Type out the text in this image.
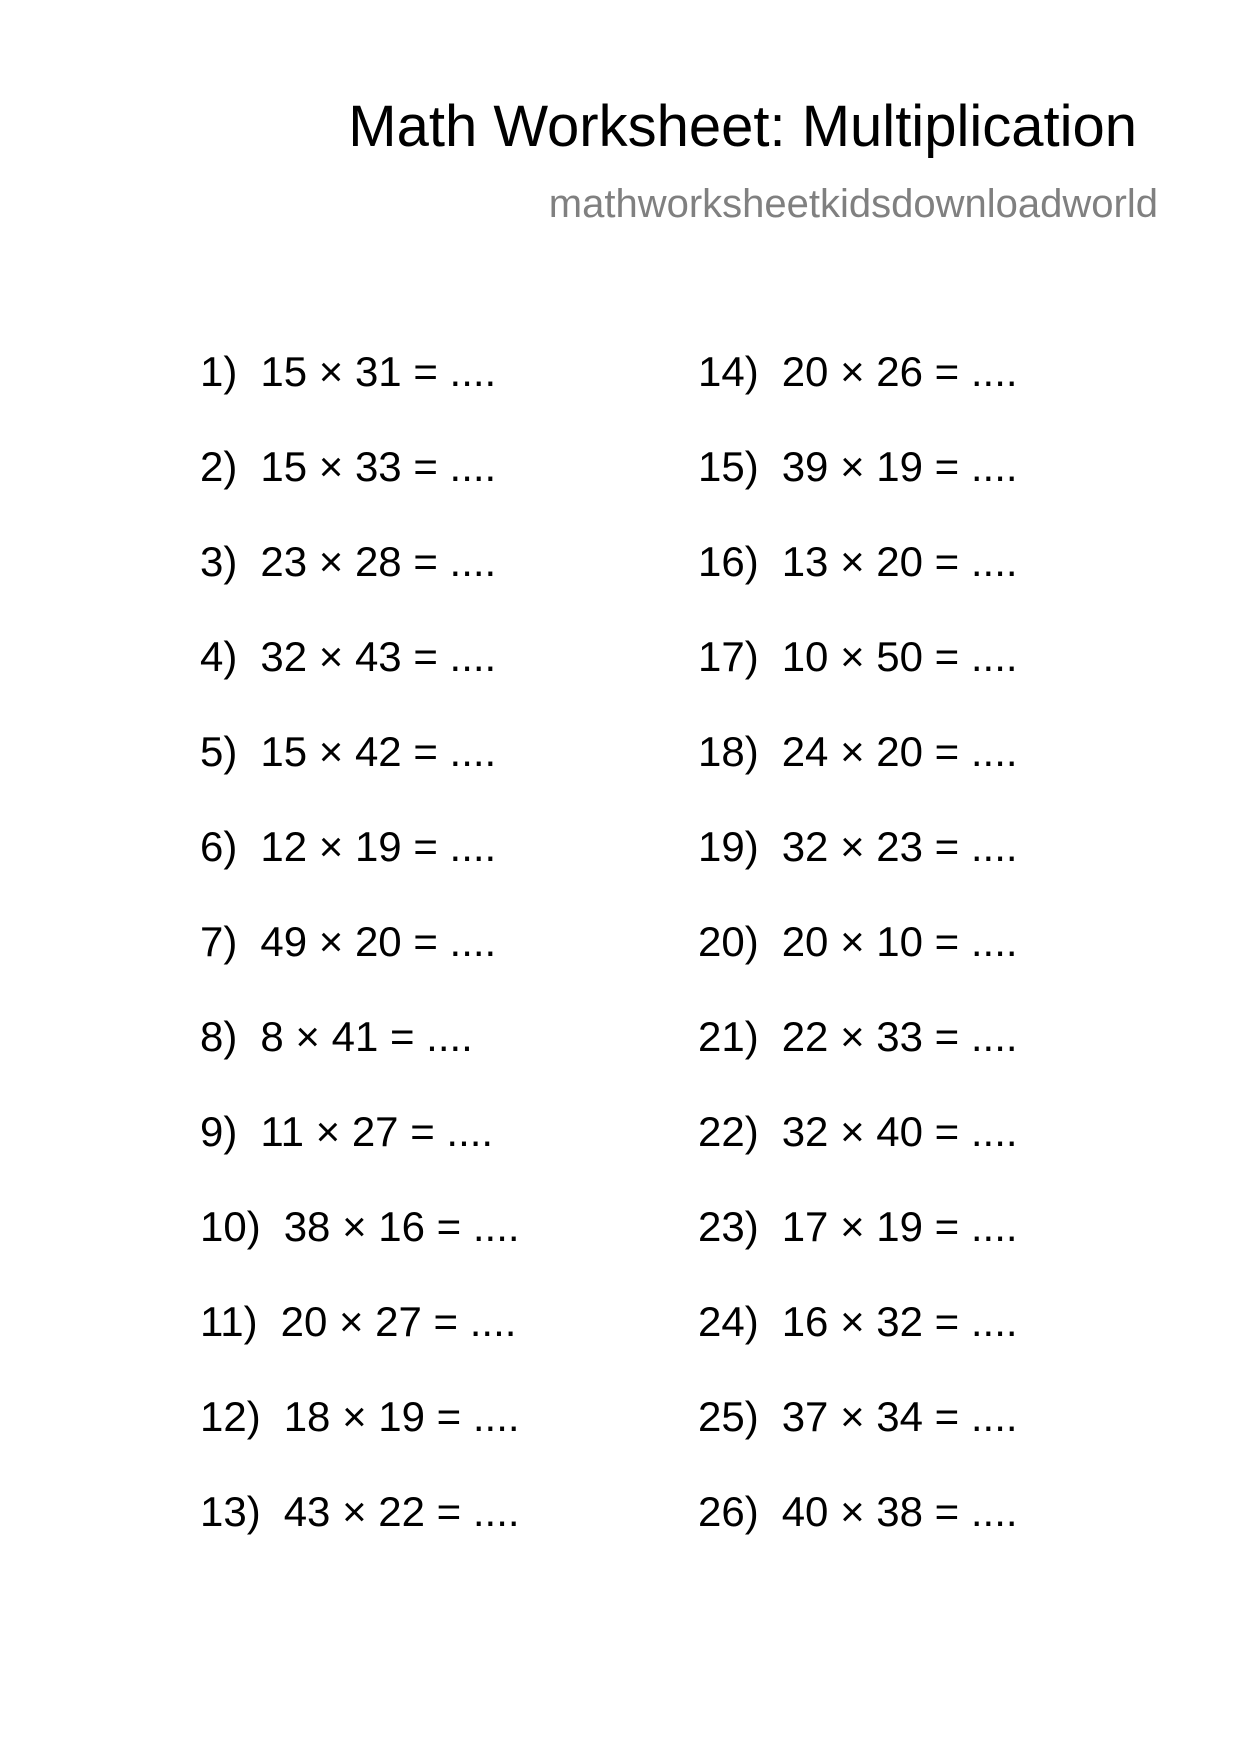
Math Worksheet: Multiplication
mathworksheetkidsdownloadworld
1) 15 × 31 = ....
2) 15 × 33 = ....
3) 23 × 28 = ....
4) 32 × 43 = ....
5) 15 × 42 = ....
6) 12 × 19 = ....
7) 49 × 20 = ....
8) 8 × 41 = ....
9) 11 × 27 = ....
10) 38 × 16 = ....
11) 20 × 27 = ....
12) 18 × 19 = ....
13) 43 × 22 = ....
14) 20 × 26 = ....
15) 39 × 19 = ....
16) 13 × 20 = ....
17) 10 × 50 = ....
18) 24 × 20 = ....
19) 32 × 23 = ....
20) 20 × 10 = ....
21) 22 × 33 = ....
22) 32 × 40 = ....
23) 17 × 19 = ....
24) 16 × 32 = ....
25) 37 × 34 = ....
26) 40 × 38 = ....
